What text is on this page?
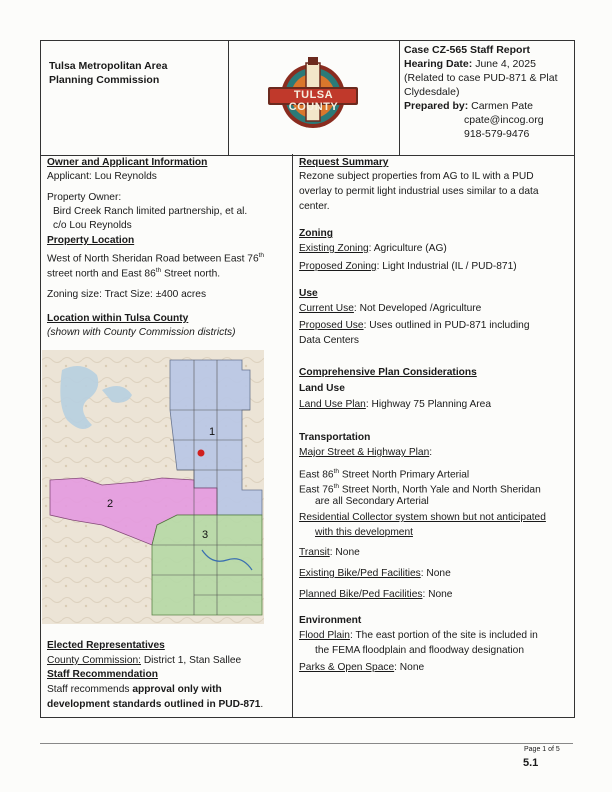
Tulsa Metropolitan Area
Planning Commission
TULSA COUNTY
Case CZ-565 Staff Report
Hearing Date: June 4, 2025
(Related to case PUD-871 & Plat
Clydesdale)
Prepared by: Carmen Pate
cpate@incog.org
918-579-9476
Owner and Applicant Information
Applicant: Lou Reynolds
Property Owner:
Bird Creek Ranch limited partnership, et al.
c/o Lou Reynolds
Property Location
West of North Sheridan Road between East 76th
street north and East 86th Street north.
Zoning size: Tract Size: ±400 acres
Location within Tulsa County
(shown with County Commission districts)
1
2
3
Elected Representatives
County Commission: District 1, Stan Sallee
Staff Recommendation
Staff recommends approval only with
development standards outlined in PUD-871.
Request Summary
Rezone subject properties from AG to IL with a PUD
overlay to permit light industrial uses similar to a data
center.
Zoning
Existing Zoning: Agriculture (AG)
Proposed Zoning: Light Industrial (IL / PUD-871)
Use
Current Use: Not Developed /Agriculture
Proposed Use: Uses outlined in PUD-871 including
Data Centers
Comprehensive Plan Considerations
Land Use
Land Use Plan: Highway 75 Planning Area
Transportation
Major Street & Highway Plan:
East 86th Street North Primary Arterial
East 76th Street North, North Yale and North Sheridan
are all Secondary Arterial
Residential Collector system shown but not anticipated
with this development
Transit: None
Existing Bike/Ped Facilities: None
Planned Bike/Ped Facilities: None
Environment
Flood Plain: The east portion of the site is included in
the FEMA floodplain and floodway designation
Parks & Open Space: None
Page 1 of 5
5.1
